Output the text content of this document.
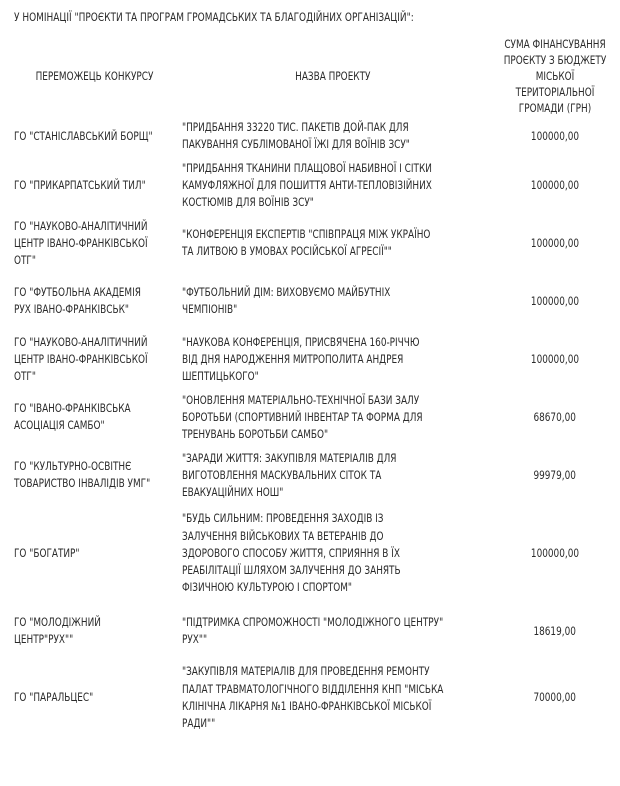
У НОМІНАЦІЇ "ПРОЄКТИ ТА ПРОГРАМ ГРОМАДСЬКИХ ТА БЛАГОДІЙНИХ ОРГАНІЗАЦІЙ":
ПЕРЕМОЖЕЦЬ КОНКУРСУ	НАЗВА ПРОЕКТУ	СУМА ФІНАНСУВАННЯ
ПРОЄКТУ З БЮДЖЕТУ
МІСЬКОЇ ТЕРИТОРІАЛЬНОЇ
ГРОМАДИ (ГРН)
ГО "СТАНІСЛАВСЬКИЙ БОРЩ"	"ПРИДБАННЯ 33220 ТИС. ПАКЕТІВ ДОЙ-ПАК ДЛЯ
ПАКУВАННЯ СУБЛІМОВАНОЇ ЇЖІ ДЛЯ ВОЇНІВ ЗСУ"	100000,00
ГО "ПРИКАРПАТСЬКИЙ ТИЛ"	"ПРИДБАННЯ ТКАНИНИ ПЛАЩОВОЇ НАБИВНОЇ І СІТКИ
КАМУФЛЯЖНОЇ ДЛЯ ПОШИТТЯ АНТИ-ТЕПЛОВІЗІЙНИХ
КОСТЮМІВ ДЛЯ ВОЇНІВ ЗСУ"	100000,00
ГО "НАУКОВО-АНАЛІТИЧНИЙ
ЦЕНТР ІВАНО-ФРАНКІВСЬКОЇ
ОТГ"	"КОНФЕРЕНЦІЯ ЕКСПЕРТІВ "СПІВПРАЦЯ МІЖ УКРАЇНО
ТА ЛИТВОЮ В УМОВАХ РОСІЙСЬКОЇ АГРЕСІЇ""	100000,00
ГО "ФУТБОЛЬНА АКАДЕМІЯ
РУХ ІВАНО-ФРАНКІВСЬК"	"ФУТБОЛЬНИЙ ДІМ: ВИХОВУЄМО МАЙБУТНІХ
ЧЕМПІОНІВ"	100000,00
ГО "НАУКОВО-АНАЛІТИЧНИЙ
ЦЕНТР ІВАНО-ФРАНКІВСЬКОЇ
ОТГ"	"НАУКОВА КОНФЕРЕНЦІЯ, ПРИСВЯЧЕНА 160-РІЧЧЮ
ВІД ДНЯ НАРОДЖЕННЯ МИТРОПОЛИТА АНДРЕЯ
ШЕПТИЦЬКОГО"	100000,00
ГО "ІВАНО-ФРАНКІВСЬКА
АСОЦІАЦІЯ САМБО"	"ОНОВЛЕННЯ МАТЕРІАЛЬНО-ТЕХНІЧНОЇ БАЗИ ЗАЛУ
БОРОТЬБИ (СПОРТИВНИЙ ІНВЕНТАР ТА ФОРМА ДЛЯ
ТРЕНУВАНЬ БОРОТЬБИ САМБО"	68670,00
ГО "КУЛЬТУРНО-ОСВІТНЄ
ТОВАРИСТВО ІНВАЛІДІВ УМГ"	"ЗАРАДИ ЖИТТЯ: ЗАКУПІВЛЯ МАТЕРІАЛІВ ДЛЯ
ВИГОТОВЛЕННЯ МАСКУВАЛЬНИХ СІТОК ТА
ЕВАКУАЦІЙНИХ НОШ"	99979,00
ГО "БОГАТИР"	"БУДЬ СИЛЬНИМ: ПРОВЕДЕННЯ ЗАХОДІВ ІЗ
ЗАЛУЧЕННЯ ВІЙСЬКОВИХ ТА ВЕТЕРАНІВ ДО
ЗДОРОВОГО СПОСОБУ ЖИТТЯ, СПРИЯННЯ В ЇХ
РЕАБІЛІТАЦІЇ ШЛЯХОМ ЗАЛУЧЕННЯ ДО ЗАНЯТЬ
ФІЗИЧНОЮ КУЛЬТУРОЮ І СПОРТОМ"	100000,00
ГО "МОЛОДІЖНИЙ
ЦЕНТР"РУХ""	"ПІДТРИМКА СПРОМОЖНОСТІ "МОЛОДІЖНОГО ЦЕНТРУ"
РУХ""	18619,00
ГО "ПАРАЛЬЦЕС"	"ЗАКУПІВЛЯ МАТЕРІАЛІВ ДЛЯ ПРОВЕДЕННЯ РЕМОНТУ
ПАЛАТ ТРАВМАТОЛОГІЧНОГО ВІДДІЛЕННЯ КНП "МІСЬКА
КЛІНІЧНА ЛІКАРНЯ №1 ІВАНО-ФРАНКІВСЬКОЇ МІСЬКОЇ
РАДИ""	70000,00
